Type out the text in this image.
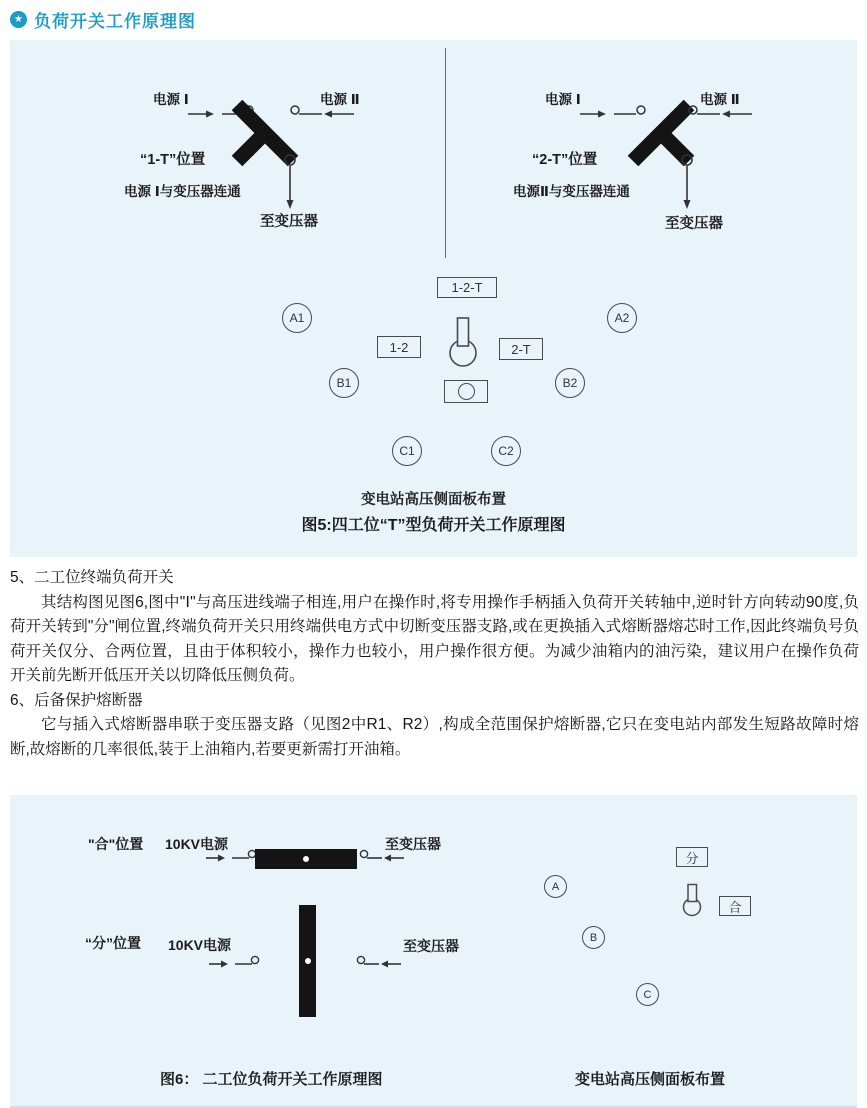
★ 负荷开关工作原理图
电源 Ⅰ	电源 Ⅱ
“1-T”位置
电源 Ⅰ与变压器连通
至变压器
电源 Ⅰ	电源 Ⅱ
“2-T”位置
电源Ⅱ与变压器连通
至变压器
1-2-T
A1	A2
1-2	2-T
B1	B2
C1	C2
变电站高压侧面板布置
图5:四工位“T”型负荷开关工作原理图
5、二工位终端负荷开关

其结构图见图6,图中"Ⅰ"与高压进线端子相连,用户在操作时,将专用操作手柄插入负荷开关转轴中,逆时针方向转动90度,负荷开关转到"分"闸位置,终端负荷开关只用终端供电方式中切断变压器支路,或在更换插入式熔断器熔芯时工作,因此终端负号负荷开关仅分、合两位置，且由于体积较小，操作力也较小，用户操作很方便。为减少油箱内的油污染，建议用户在操作负荷开关前先断开低压开关以切降低压侧负荷。

6、后备保护熔断器

它与插入式熔断器串联于变压器支路（见图2中R1、R2）,构成全范围保护熔断器,它只在变电站内部发生短路故障时熔断,故熔断的几率很低,装于上油箱内,若要更新需打开油箱。

"合"位置 10KV电源	至变压器
“分”位置 10KV电源	至变压器
分
A
合
B
C
图6： 二工位负荷开关工作原理图	变电站高压侧面板布置
